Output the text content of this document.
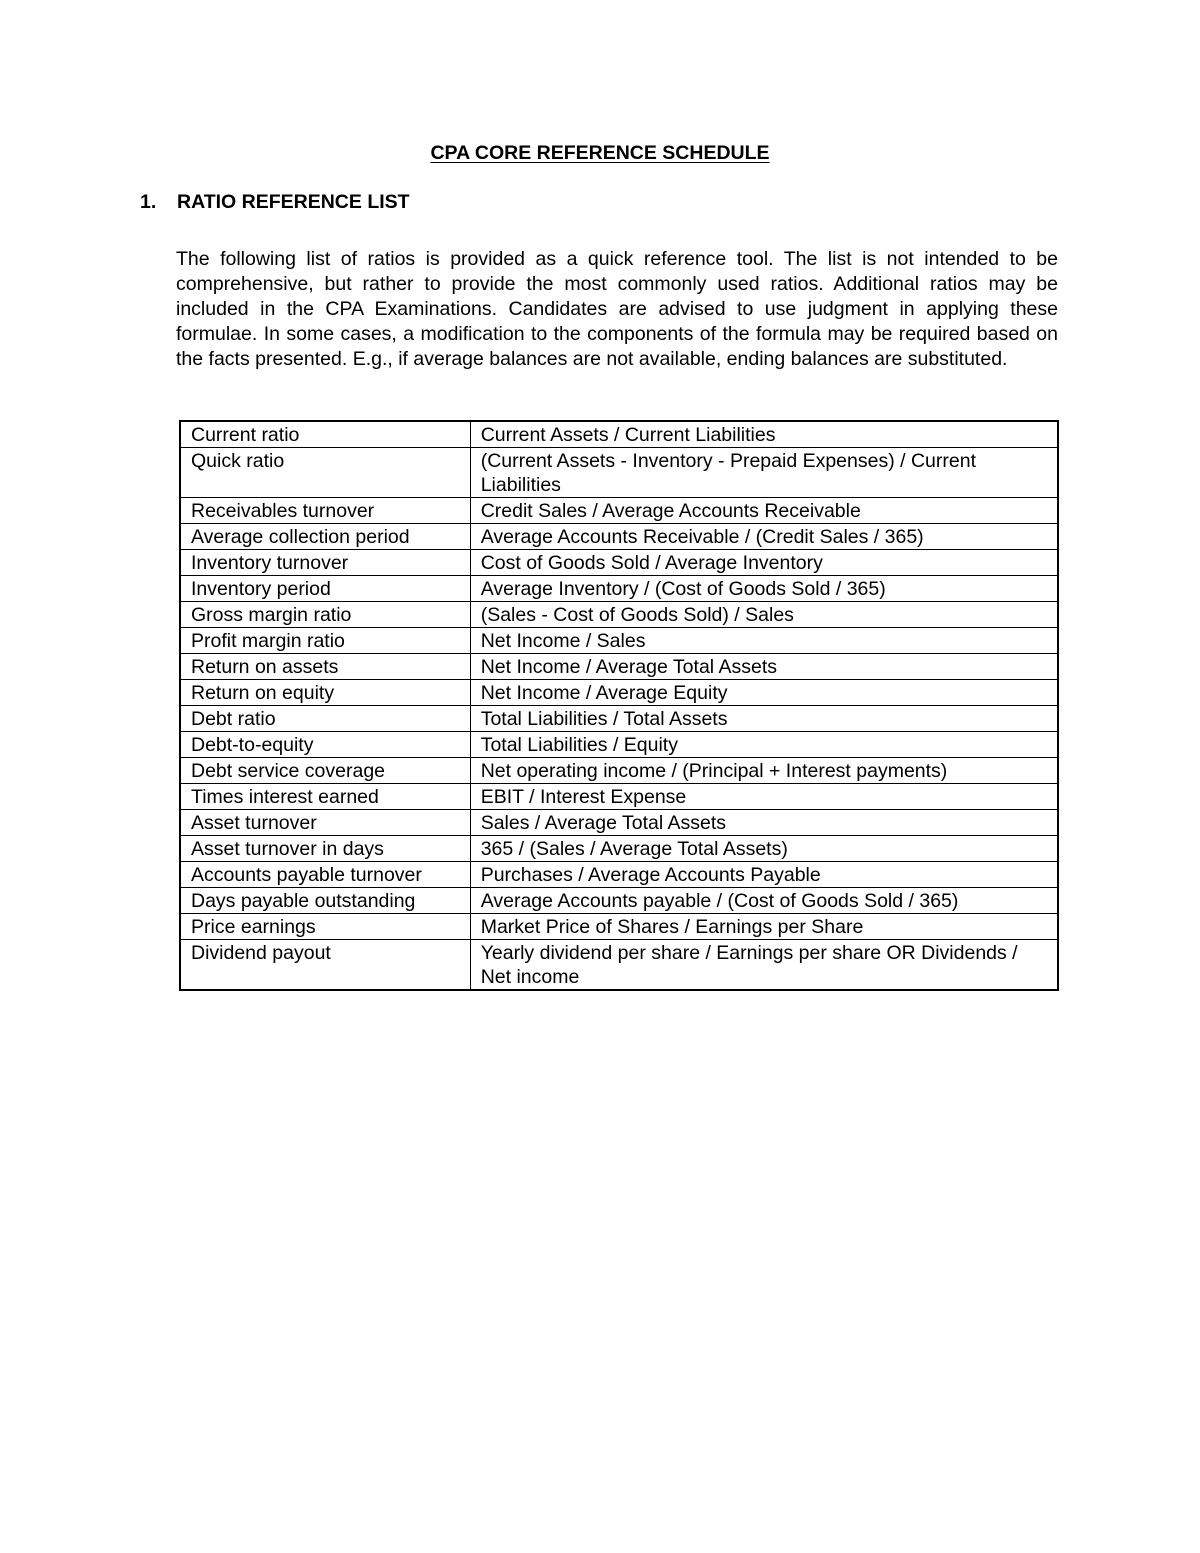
CPA CORE REFERENCE SCHEDULE
1.	RATIO REFERENCE LIST

The following list of ratios is provided as a quick reference tool. The list is not intended to be comprehensive, but rather to provide the most commonly used ratios. Additional ratios may be included in the CPA Examinations. Candidates are advised to use judgment in applying these formulae. In some cases, a modification to the components of the formula may be required based on the facts presented. E.g., if average balances are not available, ending balances are substituted.

Current ratio	Current Assets / Current Liabilities
Quick ratio	(Current Assets - Inventory - Prepaid Expenses) / Current Liabilities
Receivables turnover	Credit Sales / Average Accounts Receivable
Average collection period	Average Accounts Receivable / (Credit Sales / 365)
Inventory turnover	Cost of Goods Sold / Average Inventory
Inventory period	Average Inventory / (Cost of Goods Sold / 365)
Gross margin ratio	(Sales - Cost of Goods Sold) / Sales
Profit margin ratio	Net Income / Sales
Return on assets	Net Income / Average Total Assets
Return on equity	Net Income / Average Equity
Debt ratio	Total Liabilities / Total Assets
Debt-to-equity	Total Liabilities / Equity
Debt service coverage	Net operating income / (Principal + Interest payments)
Times interest earned	EBIT / Interest Expense
Asset turnover	Sales / Average Total Assets
Asset turnover in days	365 / (Sales / Average Total Assets)
Accounts payable turnover	Purchases / Average Accounts Payable
Days payable outstanding	Average Accounts payable / (Cost of Goods Sold / 365)
Price earnings	Market Price of Shares / Earnings per Share
Dividend payout	Yearly dividend per share / Earnings per share OR Dividends / Net income
